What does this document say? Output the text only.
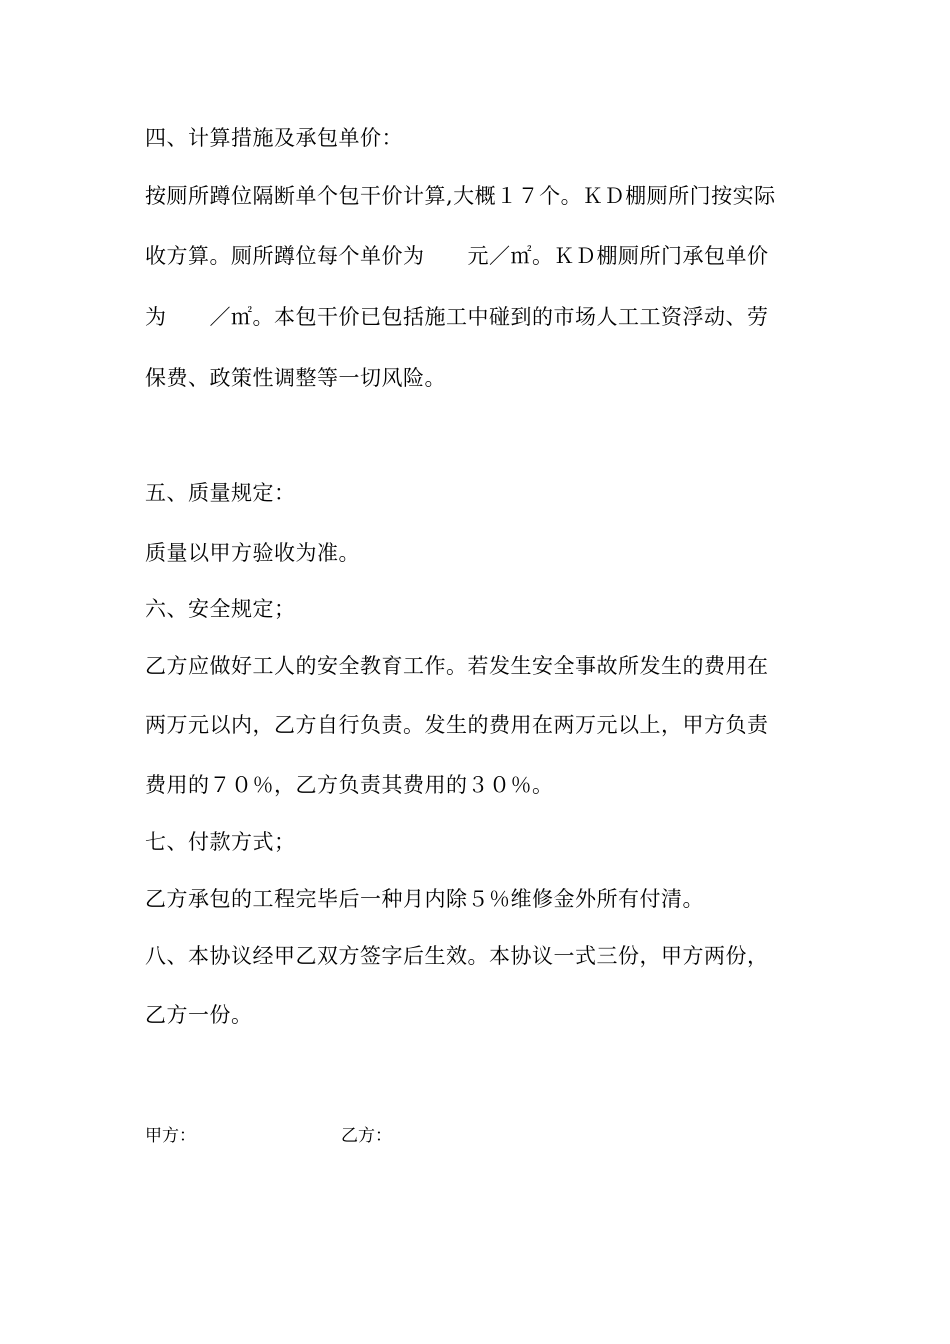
四、计算措施及承包单价：
按厕所蹲位隔断单个包干价计算,大概１７个。ＫＤ棚厕所门按实际
收方算。厕所蹲位每个单价为　　元／㎡。ＫＤ棚厕所门承包单价
为　　／㎡。本包干价已包括施工中碰到的市场人工工资浮动、劳
保费、政策性调整等一切风险。
五、质量规定：
质量以甲方验收为准。
六、安全规定；
乙方应做好工人的安全教育工作。若发生安全事故所发生的费用在
两万元以内，乙方自行负责。发生的费用在两万元以上，甲方负责
费用的７０％，乙方负责其费用的３０％。
七、付款方式；
乙方承包的工程完毕后一种月内除５％维修金外所有付清。
八、本协议经甲乙双方签字后生效。本协议一式三份，甲方两份，
乙方一份。
甲方：	乙方：
